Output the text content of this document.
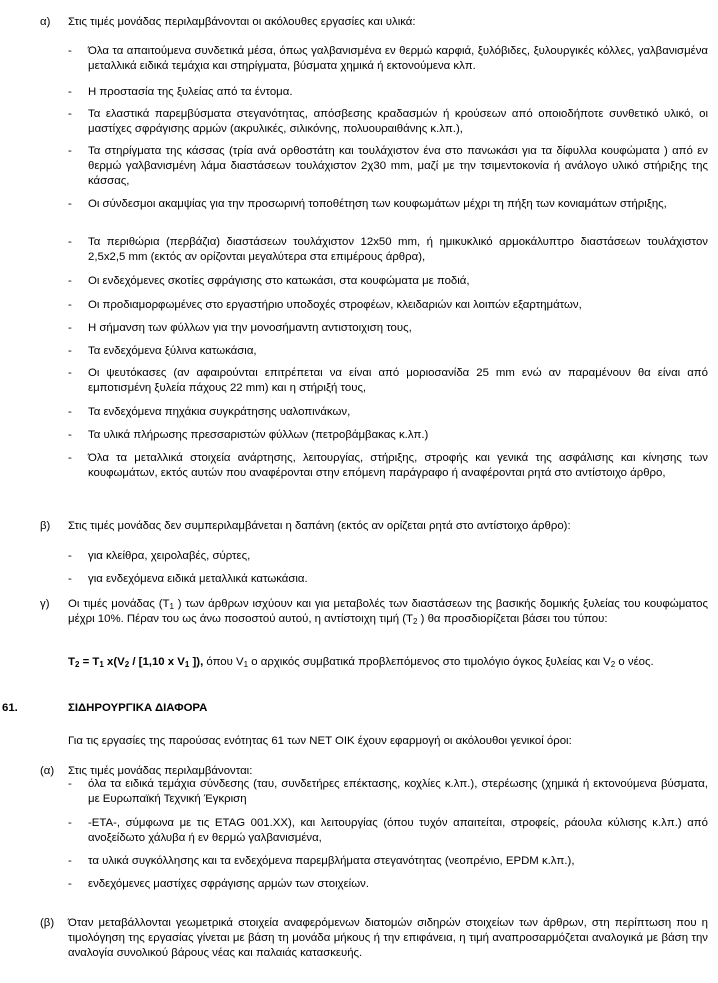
α) Στις τιμές μονάδας περιλαμβάνονται οι ακόλουθες εργασίες και υλικά:
- Όλα τα απαιτούμενα συνδετικά μέσα, όπως γαλβανισμένα εν θερμώ καρφιά, ξυλόβιδες, ξυλουργικές κόλλες, γαλβανισμένα μεταλλικά ειδικά τεμάχια και στηρίγματα, βύσματα χημικά ή εκτονούμενα κλπ.
- Η προστασία της ξυλείας από τα έντομα.
- Τα ελαστικά παρεμβύσματα στεγανότητας, απόσβεσης κραδασμών ή κρούσεων από οποιοδήποτε συνθετικό υλικό, οι μαστίχες σφράγισης αρμών (ακρυλικές, σιλικόνης, πολυουραιθάνης κ.λπ.),
- Τα στηρίγματα της κάσσας (τρία ανά ορθοστάτη και τουλάχιστον ένα στο πανωκάσι για τα δίφυλλα κουφώματα ) από εν θερμώ γαλβανισμένη λάμα διαστάσεων τουλάχιστον 2χ30 mm, μαζί με την τσιμεντοκονία ή ανάλογο υλικό στήριξης της κάσσας,
- Οι σύνδεσμοι ακαμψίας για την προσωρινή τοποθέτηση των κουφωμάτων μέχρι τη πήξη των κονιαμάτων στήριξης,
- Τα περιθώρια (περβάζια) διαστάσεων τουλάχιστον 12x50 mm, ή ημικυκλικό αρμοκάλυπτρο διαστάσεων τουλάχιστον 2,5x2,5 mm (εκτός αν ορίζονται μεγαλύτερα στα επιμέρους άρθρα),
- Οι ενδεχόμενες σκοτίες σφράγισης στο κατωκάσι, στα κουφώματα με ποδιά,
- Οι προδιαμορφωμένες στο εργαστήριο υποδοχές στροφέων, κλειδαριών και λοιπών εξαρτημάτων,
- Η σήμανση των φύλλων για την μονοσήμαντη αντιστοιχιση τους,
- Τα ενδεχόμενα ξύλινα κατωκάσια,
- Οι ψευτόκασες (αν αφαιρούνται επιτρέπεται να είναι από μοριοσανίδα 25 mm ενώ αν παραμένουν θα είναι από εμποτισμένη ξυλεία πάχους 22 mm) και η στήριξή τους,
- Τα ενδεχόμενα πηχάκια συγκράτησης υαλοπινάκων,
- Τα υλικά πλήρωσης πρεσσαριστών φύλλων (πετροβάμβακας κ.λπ.)
- Όλα τα μεταλλικά στοιχεία ανάρτησης, λειτουργίας, στήριξης, στροφής και γενικά της ασφάλισης και κίνησης των κουφωμάτων, εκτός αυτών που αναφέρονται στην επόμενη παράγραφο ή αναφέρονται ρητά στο αντίστοιχο άρθρο,
β) Στις τιμές μονάδας δεν συμπεριλαμβάνεται η δαπάνη (εκτός αν ορίζεται ρητά στο αντίστοιχο άρθρο):
- για κλείθρα, χειρολαβές, σύρτες,
- για ενδεχόμενα ειδικά μεταλλικά κατωκάσια.
γ) Οι τιμές μονάδας ($T_1$ ) των άρθρων ισχύουν και για μεταβολές των διαστάσεων της βασικής δομικής ξυλείας του κουφώματος μέχρι 10%. Πέραν του ως άνω ποσοστού αυτού, η αντίστοιχη τιμή ($T_2$ ) θα προσδιορίζεται βάσει του τύπου:
$T_2 = T_1$ $x(V_2 / [1,10$ x $V_1$ ]), όπου $V_1$ ο αρχικός συμβατικά προβλεπόμενος στο τιμολόγιο όγκος ξυλείας και $V_2$ ο νέος.
61.	ΣΙΔΗΡΟΥΡΓΙΚΑ ΔΙΑΦΟΡΑ
Για τις εργασίες της παρούσας ενότητας 61 των ΝΕΤ ΟΙΚ έχουν εφαρμογή οι ακόλουθοι γενικοί όροι:
(α) Στις τιμές μονάδας περιλαμβάνονται:
- όλα τα ειδικά τεμάχια σύνδεσης (ταυ, συνδετήρες επέκτασης, κοχλίες κ.λπ.), στερέωσης (χημικά ή εκτονούμενα βύσματα, με Ευρωπαϊκή Τεχνική Έγκριση
- -ΕΤΑ-, σύμφωνα με τις ETAG 001.XX), και λειτουργίας (όπου τυχόν απαιτείται, στροφείς, ράουλα κύλισης κ.λπ.) από ανοξείδωτο χάλυβα ή εν θερμώ γαλβανισμένα,
- τα υλικά συγκόλλησης και τα ενδεχόμενα παρεμβλήματα στεγανότητας (νεοπρένιο, EPDM κ.λπ.),
- ενδεχόμενες μαστίχες σφράγισης αρμών των στοιχείων.
(β) Όταν μεταβάλλονται γεωμετρικά στοιχεία αναφερόμενων διατομών σιδηρών στοιχείων των άρθρων, στη περίπτωση που η τιμολόγηση της εργασίας γίνεται με βάση τη μονάδα μήκους ή την επιφάνεια, η τιμή αναπροσαρμόζεται αναλογικά με βάση την αναλογία συνολικού βάρους νέας και παλαιάς κατασκευής.
